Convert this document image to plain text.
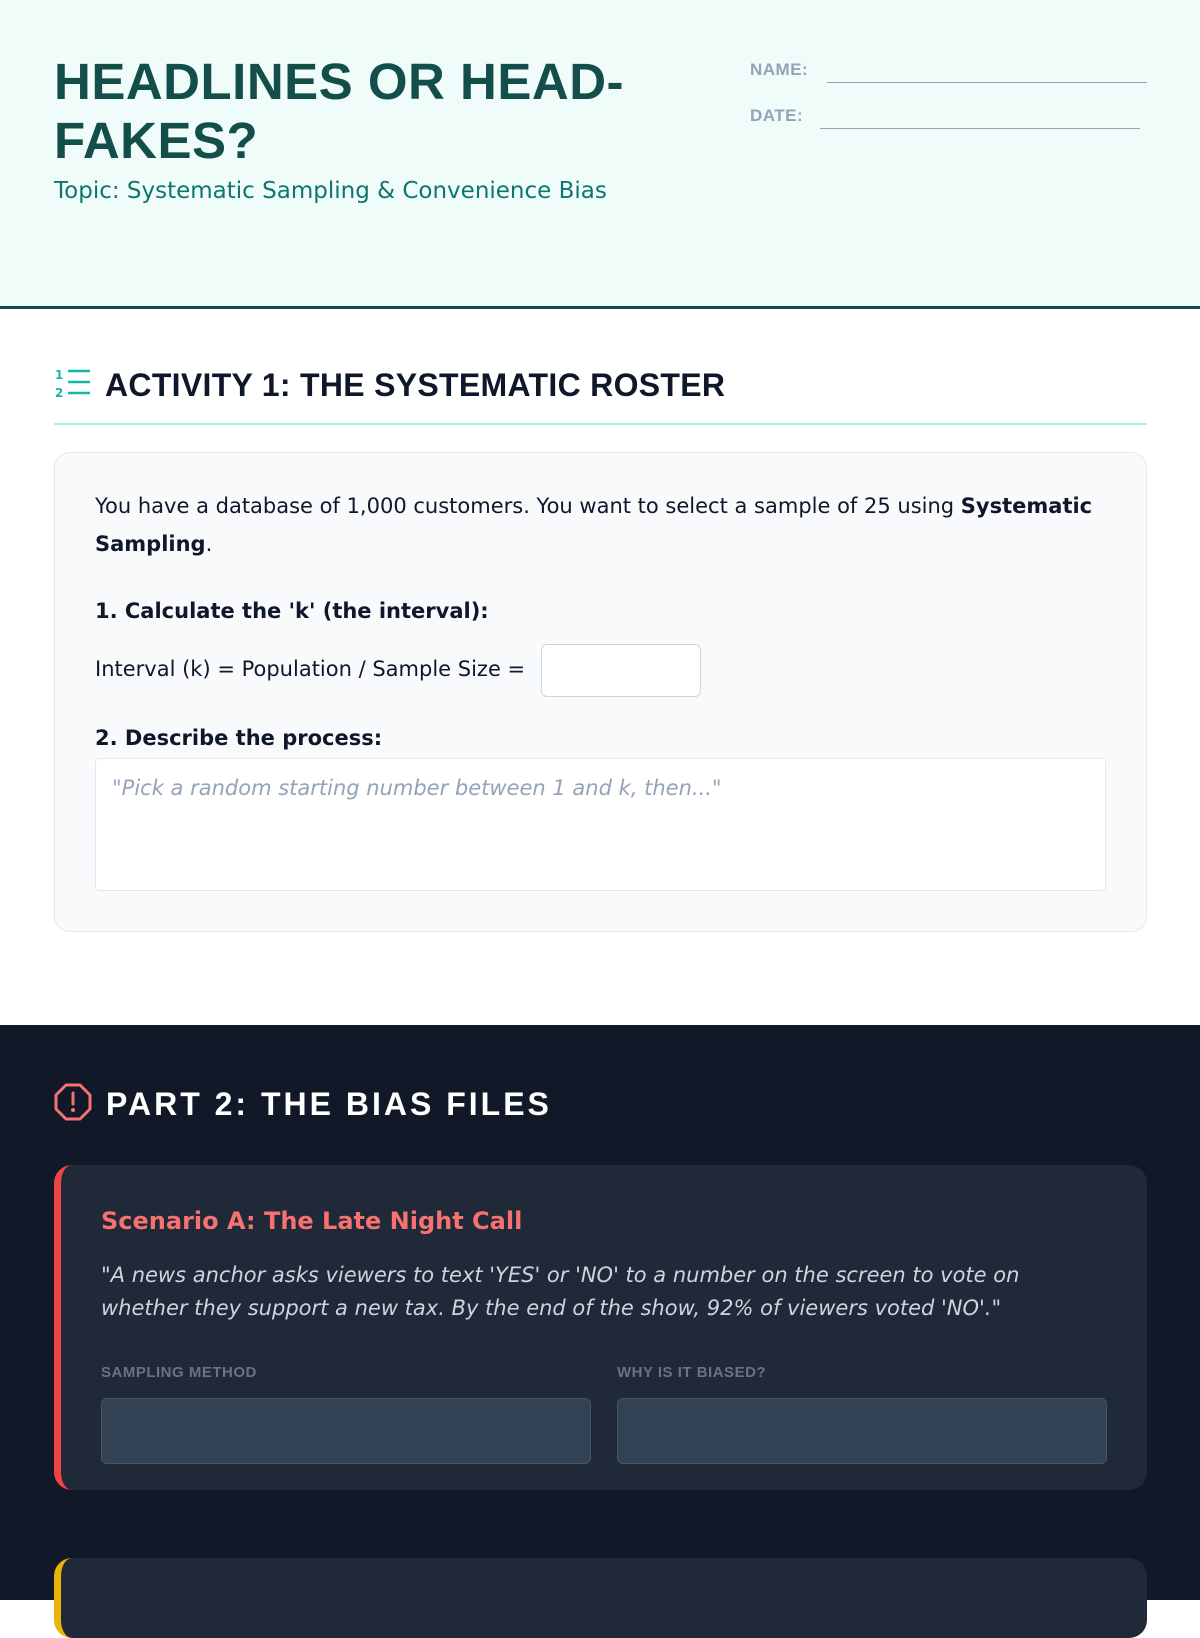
HEADLINES OR HEAD-FAKES?
Topic: Systematic Sampling & Convenience Bias
NAME:
DATE:
1
2 ACTIVITY 1: THE SYSTEMATIC ROSTER

You have a database of 1,000 customers. You want to select a sample of 25 using Systematic Sampling.

1. Calculate the 'k' (the interval):
Interval (k) = Population / Sample Size =
2. Describe the process:
"Pick a random starting number between 1 and k, then..."
PART 2: THE BIAS FILES
Scenario A: The Late Night Call

"A news anchor asks viewers to text 'YES' or 'NO' to a number on the screen to vote on whether they support a new tax. By the end of the show, 92% of viewers voted 'NO'."

SAMPLING METHOD	WHY IS IT BIASED?
